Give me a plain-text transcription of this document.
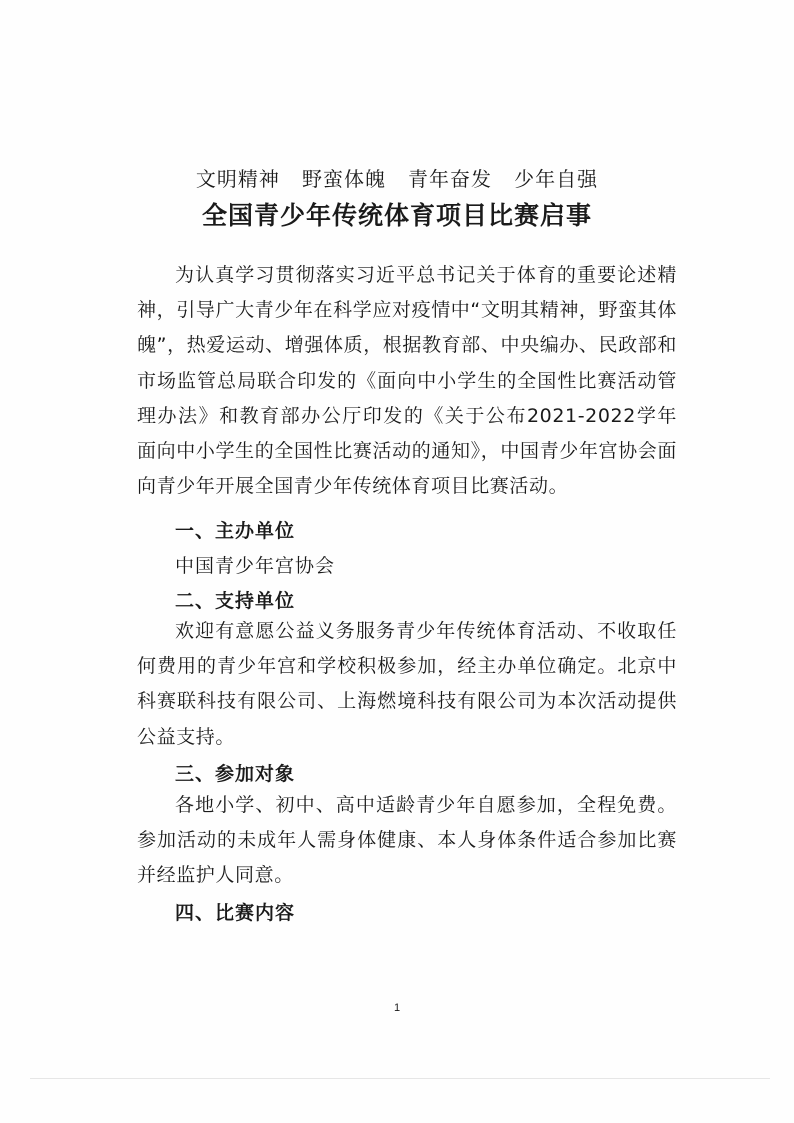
文明精神   野蛮体魄   青年奋发   少年自强
全国青少年传统体育项目比赛启事

为认真学习贯彻落实习近平总书记关于体育的重要论述精神，引导广大青少年在科学应对疫情中“文明其精神，野蛮其体魄”，热爱运动、增强体质，根据教育部、中央编办、民政部和市场监管总局联合印发的《面向中小学生的全国性比赛活动管理办法》和教育部办公厅印发的《关于公布2021-2022学年面向中小学生的全国性比赛活动的通知》，中国青少年宫协会面向青少年开展全国青少年传统体育项目比赛活动。

一、主办单位
中国青少年宫协会
二、支持单位

欢迎有意愿公益义务服务青少年传统体育活动、不收取任何费用的青少年宫和学校积极参加，经主办单位确定。北京中科赛联科技有限公司、上海燃境科技有限公司为本次活动提供公益支持。

三、参加对象

各地小学、初中、高中适龄青少年自愿参加，全程免费。参加活动的未成年人需身体健康、本人身体条件适合参加比赛并经监护人同意。

四、比赛内容
1
